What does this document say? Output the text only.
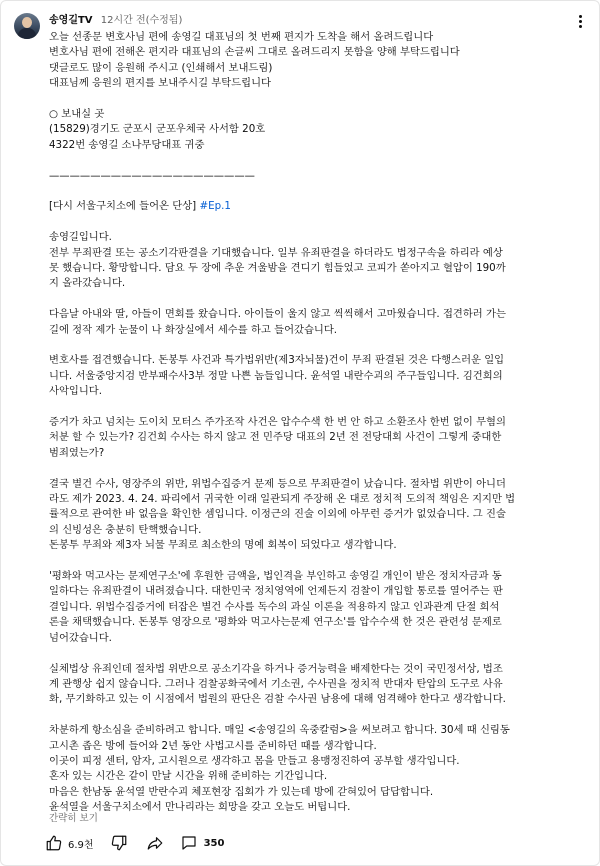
송영길TV 12시간 전(수정됨)
오늘 선종문 변호사님 편에 송영길 대표님의 첫 번째 편지가 도착을 해서 올려드립니다
변호사님 편에 전해온 편지라 대표님의 손글씨 그대로 올려드리지 못함을 양해 부탁드립니다
댓글로도 많이 응원해 주시고 (인쇄해서 보내드림)
대표님께 응원의 편지를 보내주시길 부탁드립니다
○ 보내실 곳
(15829)경기도 군포시 군포우체국 사서함 20호
4322번 송영길 소나무당대표 귀중
————————————————————
[다시 서울구치소에 들어온 단상] #Ep.1
송영길입니다.
전부 무죄판결 또는 공소기각판결을 기대했습니다. 일부 유죄판결을 하더라도 법정구속을 하리라 예상
못 했습니다. 황망합니다. 담요 두 장에 추운 겨울밤을 견디기 힘들었고 코피가 쏟아지고 혈압이 190까
지 올라갔습니다.
다음날 아내와 딸, 아들이 면회를 왔습니다. 아이들이 울지 않고 씩씩해서 고마웠습니다. 접견하러 가는
길에 정작 제가 눈물이 나 화장실에서 세수를 하고 들어갔습니다.
변호사를 접견했습니다. 돈봉투 사건과 특가법위반(제3자뇌물)건이 무죄 판결된 것은 다행스러운 일입
니다. 서울중앙지검 반부패수사3부 정말 나쁜 놈들입니다. 윤석열 내란수괴의 주구들입니다. 김건희의
사악입니다.
증거가 차고 넘치는 도이치 모터스 주가조작 사건은 압수수색 한 번 안 하고 소환조사 한번 없이 무혐의
처분 할 수 있는가? 김건희 수사는 하지 않고 전 민주당 대표의 2년 전 전당대회 사건이 그렇게 중대한
범죄였는가?
결국 별건 수사, 영장주의 위반, 위법수집증거 문제 등으로 무죄판결이 났습니다. 절차법 위반이 아니더
라도 제가 2023. 4. 24. 파리에서 귀국한 이래 일관되게 주장해 온 대로 정치적 도의적 책임은 지지만 법
률적으로 관여한 바 없음을 확인한 셈입니다. 이정근의 진술 이외에 아무런 증거가 없었습니다. 그 진술
의 신빙성은 충분히 탄핵했습니다.
돈봉투 무죄와 제3자 뇌물 무죄로 최소한의 명예 회복이 되었다고 생각합니다.
'평화와 먹고사는 문제연구소'에 후원한 금액을, 법인격을 부인하고 송영길 개인이 받은 정치자금과 동
일하다는 유죄판결이 내려졌습니다. 대한민국 정치영역에 언제든지 검찰이 개입할 통로를 열어주는 판
결입니다. 위법수집증거에 터잡은 별건 수사를 독수의 과실 이론을 적용하지 않고 인과관계 단절 희석
론을 채택했습니다. 돈봉투 영장으로 '평화와 먹고사는문제 연구소'를 압수수색 한 것은 관련성 문제로
넘어갔습니다.
실체법상 유죄인데 절차법 위반으로 공소기각을 하거나 증거능력을 배제한다는 것이 국민정서상, 법조
계 관행상 쉽지 않습니다. 그러나 검찰공화국에서 기소권, 수사권을 정치적 반대자 탄압의 도구로 사유
화, 무기화하고 있는 이 시점에서 법원의 판단은 검찰 수사권 남용에 대해 엄격해야 한다고 생각합니다.
차분하게 항소심을 준비하려고 합니다. 매일 <송영길의 옥중칼럼>을 써보려고 합니다. 30세 때 신림동
고시촌 좁은 방에 들어와 2년 동안 사법고시를 준비하던 때를 생각합니다.
이곳이 피정 센터, 암자, 고시원으로 생각하고 몸을 만들고 용맹정진하여 공부할 생각입니다.
혼자 있는 시간은 같이 만날 시간을 위해 준비하는 기간입니다.
마음은 한남동 윤석열 반란수괴 체포현장 집회가 가 있는데 방에 갇혀있어 답답합니다.
윤석열을 서울구치소에서 만나리라는 희망을 갖고 오늘도 버팁니다.
간략히 보기
6.9천	350
